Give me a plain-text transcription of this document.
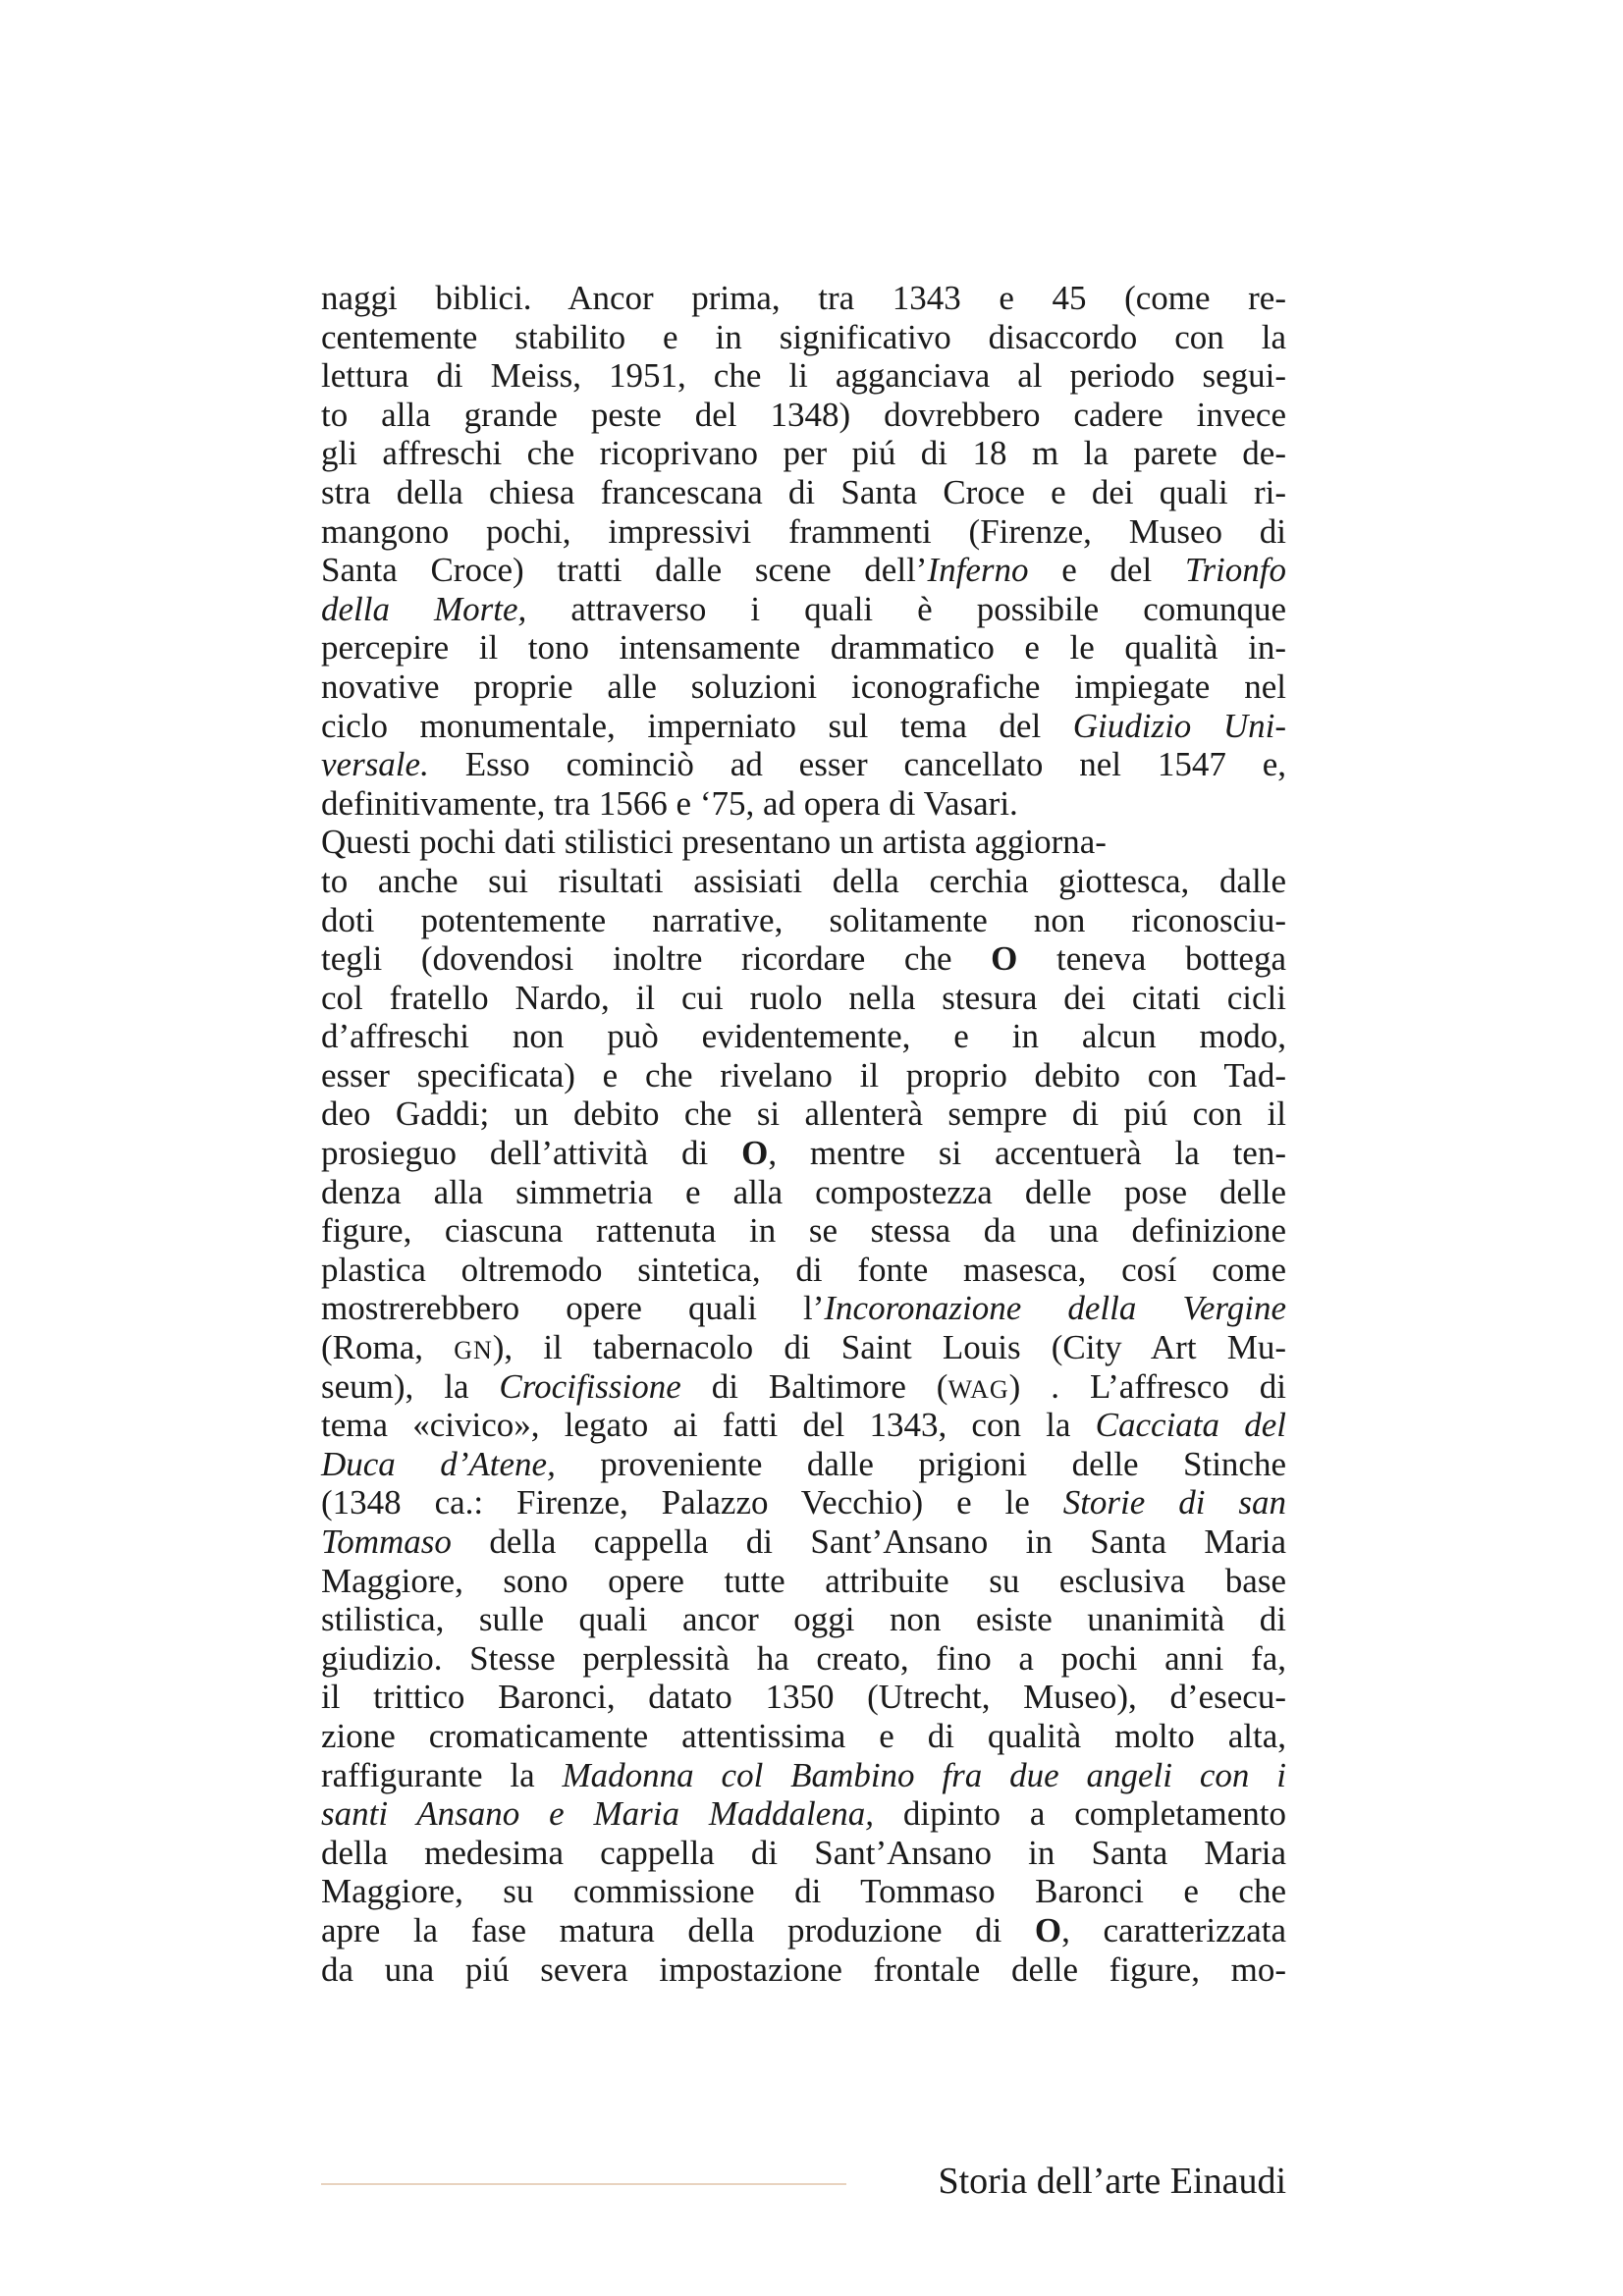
naggi biblici. Ancor prima, tra 1343 e 45 (come re-
centemente stabilito e in significativo disaccordo con la
lettura di Meiss, 1951, che li agganciava al periodo segui-
to alla grande peste del 1348) dovrebbero cadere invece
gli affreschi che ricoprivano per piú di 18 m la parete de-
stra della chiesa francescana di Santa Croce e dei quali ri-
mangono pochi, impressivi frammenti (Firenze, Museo di
Santa Croce) tratti dalle scene dell’Inferno e del Trionfo
della Morte, attraverso i quali è possibile comunque
percepire il tono intensamente drammatico e le qualità in-
novative proprie alle soluzioni iconografiche impiegate nel
ciclo monumentale, imperniato sul tema del Giudizio Uni-
versale. Esso cominciò ad esser cancellato nel 1547 e,
definitivamente, tra 1566 e ‘75, ad opera di Vasari.
Questi pochi dati stilistici presentano un artista aggiorna-
to anche sui risultati assisiati della cerchia giottesca, dalle
doti potentemente narrative, solitamente non riconosciu-
tegli (dovendosi inoltre ricordare che O teneva bottega
col fratello Nardo, il cui ruolo nella stesura dei citati cicli
d’affreschi non può evidentemente, e in alcun modo,
esser specificata) e che rivelano il proprio debito con Tad-
deo Gaddi; un debito che si allenterà sempre di piú con il
prosieguo dell’attività di O, mentre si accentuerà la ten-
denza alla simmetria e alla compostezza delle pose delle
figure, ciascuna rattenuta in se stessa da una definizione
plastica oltremodo sintetica, di fonte masesca, cosí come
mostrerebbero opere quali l’Incoronazione della Vergine
(Roma, GN), il tabernacolo di Saint Louis (City Art Mu-
seum), la Crocifissione di Baltimore (WAG) . L’affresco di
tema «civico», legato ai fatti del 1343, con la Cacciata del
Duca d’Atene, proveniente dalle prigioni delle Stinche
(1348 ca.: Firenze, Palazzo Vecchio) e le Storie di san
Tommaso della cappella di Sant’Ansano in Santa Maria
Maggiore, sono opere tutte attribuite su esclusiva base
stilistica, sulle quali ancor oggi non esiste unanimità di
giudizio. Stesse perplessità ha creato, fino a pochi anni fa,
il trittico Baronci, datato 1350 (Utrecht, Museo), d’esecu-
zione cromaticamente attentissima e di qualità molto alta,
raffigurante la Madonna col Bambino fra due angeli con i
santi Ansano e Maria Maddalena, dipinto a completamento
della medesima cappella di Sant’Ansano in Santa Maria
Maggiore, su commissione di Tommaso Baronci e che
apre la fase matura della produzione di O, caratterizzata
da una piú severa impostazione frontale delle figure, mo-
Storia dell’arte Einaudi
